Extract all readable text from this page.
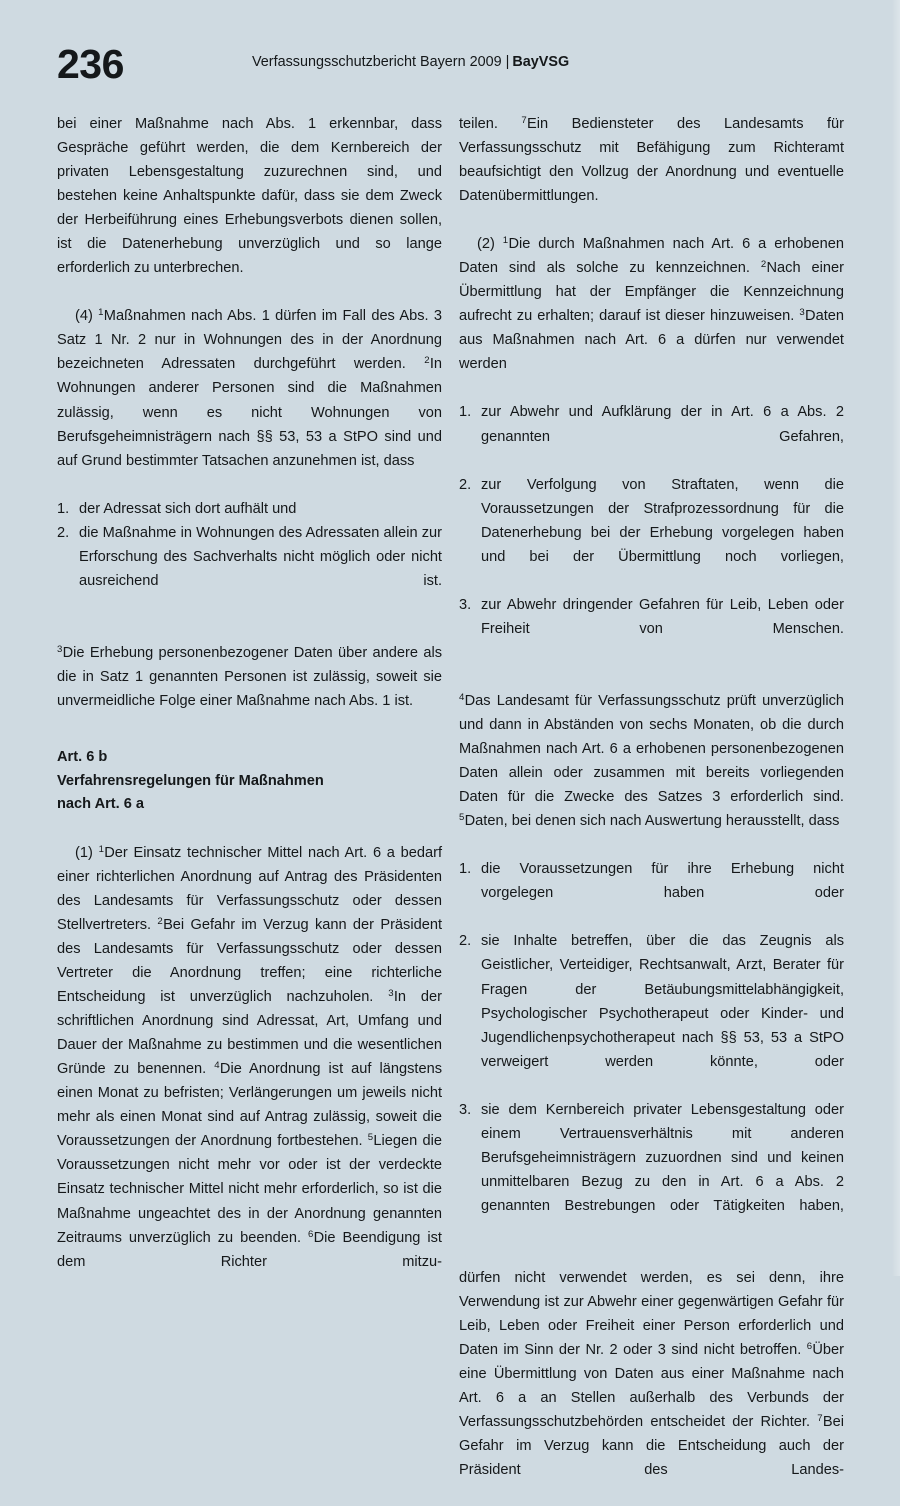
236	Verfassungsschutzbericht Bayern 2009 | BayVSG

bei einer Maßnahme nach Abs. 1 erkennbar, dass Gespräche geführt werden, die dem Kernbereich der privaten Lebensgestaltung zuzurechnen sind, und bestehen keine Anhaltspunkte dafür, dass sie dem Zweck der Herbeiführung eines Erhebungsverbots dienen sollen, ist die Datenerhebung unverzüglich und so lange erforderlich zu unterbrechen.

(4) $^1$Maßnahmen nach Abs. 1 dürfen im Fall des Abs. 3 Satz 1 Nr. 2 nur in Wohnungen des in der Anordnung bezeichneten Adressaten durchgeführt werden. $^2$In Wohnungen anderer Personen sind die Maßnahmen zulässig, wenn es nicht Wohnungen von Berufsgeheimnisträgern nach §§ 53, 53 a StPO sind und auf Grund bestimmter Tatsachen anzunehmen ist, dass

1. der Adressat sich dort aufhält und
2. die Maßnahme in Wohnungen des Adressaten allein zur Erforschung des Sachverhalts nicht möglich oder nicht ausreichend ist.

$^3$Die Erhebung personenbezogener Daten über andere als die in Satz 1 genannten Personen ist zulässig, soweit sie unvermeidliche Folge einer Maßnahme nach Abs. 1 ist.

Art. 6 b
Verfahrensregelungen für Maßnahmen
nach Art. 6 a

(1) $^1$Der Einsatz technischer Mittel nach Art. 6 a bedarf einer richterlichen Anordnung auf Antrag des Präsidenten des Landesamts für Verfassungsschutz oder dessen Stellvertreters. $^2$Bei Gefahr im Verzug kann der Präsident des Landesamts für Verfassungsschutz oder dessen Vertreter die Anordnung treffen; eine richterliche Entscheidung ist unverzüglich nachzuholen. $^3$In der schriftlichen Anordnung sind Adressat, Art, Umfang und Dauer der Maßnahme zu bestimmen und die wesentlichen Gründe zu benennen. $^4$Die Anordnung ist auf längstens einen Monat zu befristen; Verlängerungen um jeweils nicht mehr als einen Monat sind auf Antrag zulässig, soweit die Voraussetzungen der Anordnung fortbestehen. $^5$Liegen die Voraussetzungen nicht mehr vor oder ist der verdeckte Einsatz technischer Mittel nicht mehr erforderlich, so ist die Maßnahme ungeachtet des in der Anordnung genannten Zeitraums unverzüglich zu beenden. $^6$Die Beendigung ist dem Richter mitzu-

teilen. $^7$Ein Bediensteter des Landesamts für Verfassungsschutz mit Befähigung zum Richteramt beaufsichtigt den Vollzug der Anordnung und eventuelle Datenübermittlungen.

(2) $^1$Die durch Maßnahmen nach Art. 6 a erhobenen Daten sind als solche zu kennzeichnen. $^2$Nach einer Übermittlung hat der Empfänger die Kennzeichnung aufrecht zu erhalten; darauf ist dieser hinzuweisen. $^3$Daten aus Maßnahmen nach Art. 6 a dürfen nur verwendet werden

1. zur Abwehr und Aufklärung der in Art. 6 a Abs. 2 genannten Gefahren,
2. zur Verfolgung von Straftaten, wenn die Voraussetzungen der Strafprozessordnung für die Datenerhebung bei der Erhebung vorgelegen haben und bei der Übermittlung noch vorliegen,
3. zur Abwehr dringender Gefahren für Leib, Leben oder Freiheit von Menschen.

$^4$Das Landesamt für Verfassungsschutz prüft unverzüglich und dann in Abständen von sechs Monaten, ob die durch Maßnahmen nach Art. 6 a erhobenen personenbezogenen Daten allein oder zusammen mit bereits vorliegenden Daten für die Zwecke des Satzes 3 erforderlich sind. $^5$Daten, bei denen sich nach Auswertung herausstellt, dass

1. die Voraussetzungen für ihre Erhebung nicht vorgelegen haben oder
2. sie Inhalte betreffen, über die das Zeugnis als Geistlicher, Verteidiger, Rechtsanwalt, Arzt, Berater für Fragen der Betäubungsmittelabhängigkeit, Psychologischer Psychotherapeut oder Kinder- und Jugendlichenpsychotherapeut nach §§ 53, 53 a StPO verweigert werden könnte, oder
3. sie dem Kernbereich privater Lebensgestaltung oder einem Vertrauensverhältnis mit anderen Berufsgeheimnisträgern zuzuordnen sind und keinen unmittelbaren Bezug zu den in Art. 6 a Abs. 2 genannten Bestrebungen oder Tätigkeiten haben,

dürfen nicht verwendet werden, es sei denn, ihre Verwendung ist zur Abwehr einer gegenwärtigen Gefahr für Leib, Leben oder Freiheit einer Person erforderlich und Daten im Sinn der Nr. 2 oder 3 sind nicht betroffen. $^6$Über eine Übermittlung von Daten aus einer Maßnahme nach Art. 6 a an Stellen außerhalb des Verbunds der Verfassungsschutzbehörden entscheidet der Richter. $^7$Bei Gefahr im Verzug kann die Entscheidung auch der Präsident des Landes-
